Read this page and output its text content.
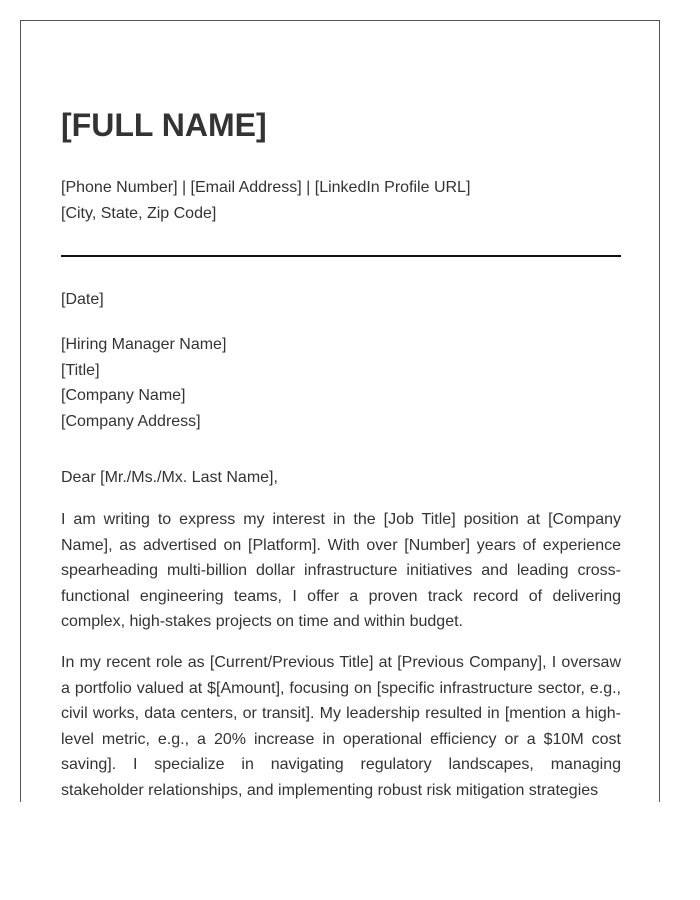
[FULL NAME]
[Phone Number] | [Email Address] | [LinkedIn Profile URL]
[City, State, Zip Code]
[Date]
[Hiring Manager Name]
[Title]
[Company Name]
[Company Address]
Dear [Mr./Ms./Mx. Last Name],

I am writing to express my interest in the [Job Title] position at [Company Name], as advertised on [Platform]. With over [Number] years of experience spearheading multi-billion dollar infrastructure initiatives and leading cross-functional engineering teams, I offer a proven track record of delivering complex, high-stakes projects on time and within budget.

In my recent role as [Current/Previous Title] at [Previous Company], I oversaw a portfolio valued at $[Amount], focusing on [specific infrastructure sector, e.g., civil works, data centers, or transit]. My leadership resulted in [mention a high-level metric, e.g., a 20% increase in operational efficiency or a $10M cost saving]. I specialize in navigating regulatory landscapes, managing stakeholder relationships, and implementing robust risk mitigation strategies
